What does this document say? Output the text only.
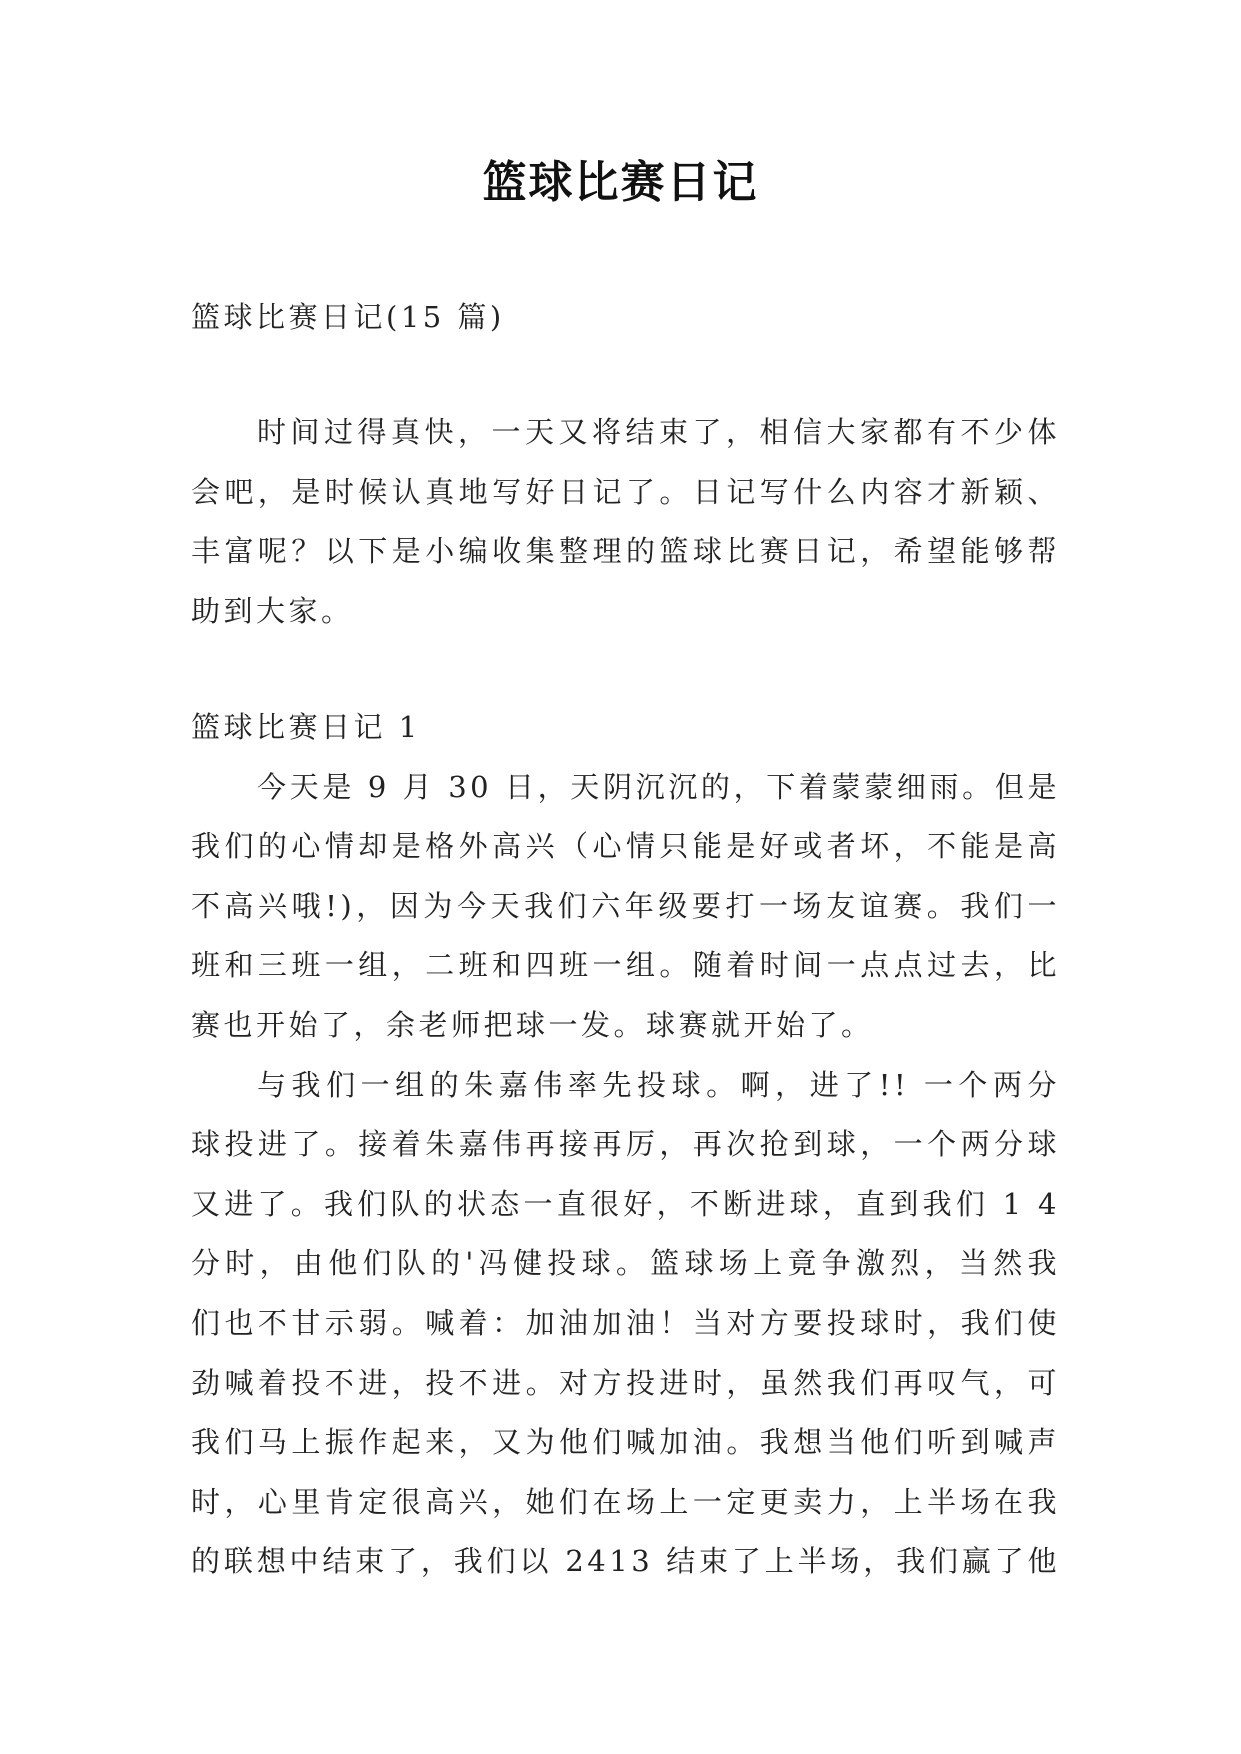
篮球比赛日记
篮球比赛日记(15 篇)
时间过得真快，一天又将结束了，相信大家都有不少体
会吧，是时候认真地写好日记了。日记写什么内容才新颖、
丰富呢？以下是小编收集整理的篮球比赛日记，希望能够帮
助到大家。
篮球比赛日记 1
今天是 9 月 30 日，天阴沉沉的，下着蒙蒙细雨。但是
我们的心情却是格外高兴（心情只能是好或者坏，不能是高
不高兴哦!)，因为今天我们六年级要打一场友谊赛。我们一
班和三班一组，二班和四班一组。随着时间一点点过去，比
赛也开始了，余老师把球一发。球赛就开始了。
与我们一组的朱嘉伟率先投球。啊，进了!! 一个两分
球投进了。接着朱嘉伟再接再厉，再次抢到球，一个两分球
又进了。我们队的状态一直很好，不断进球，直到我们 1 4
分时，由他们队的'冯健投球。篮球场上竟争激烈，当然我
们也不甘示弱。喊着：加油加油！当对方要投球时，我们使
劲喊着投不进，投不进。对方投进时，虽然我们再叹气，可
我们马上振作起来，又为他们喊加油。我想当他们听到喊声
时，心里肯定很高兴，她们在场上一定更卖力，上半场在我
的联想中结束了，我们以 2413 结束了上半场，我们赢了他
